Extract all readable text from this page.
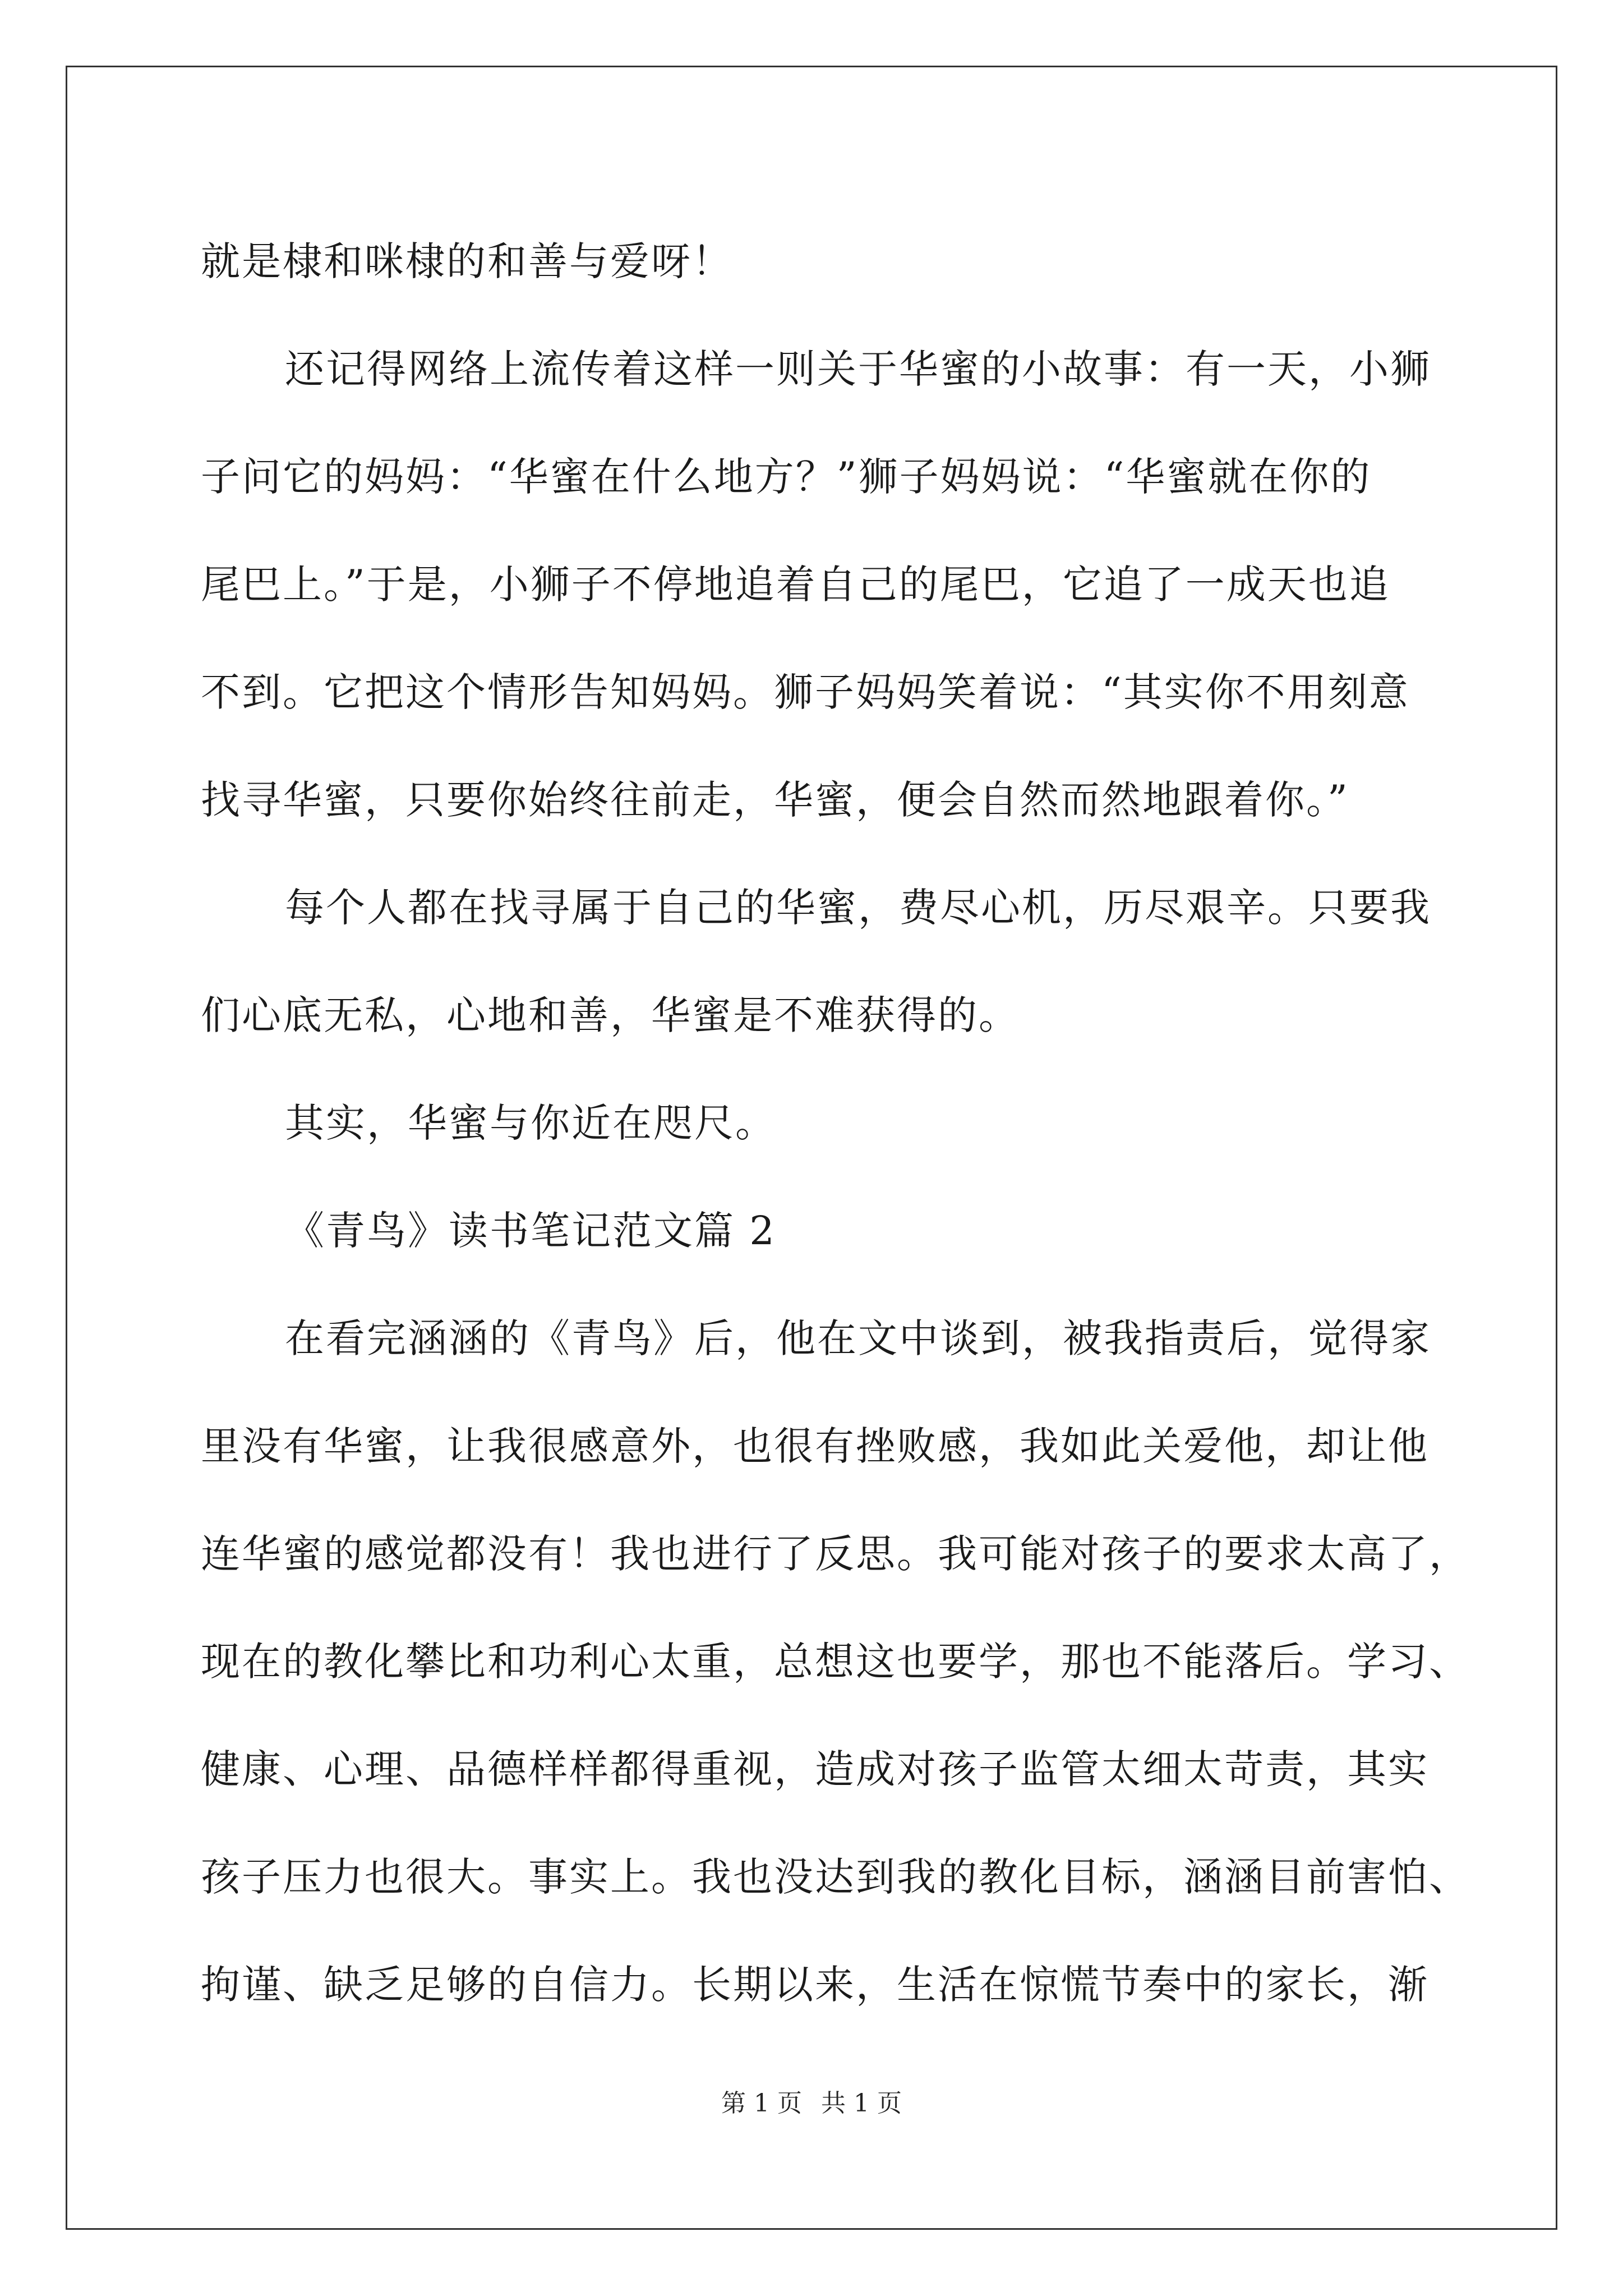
就是棣和咪棣的和善与爱呀！
还记得网络上流传着这样一则关于华蜜的小故事：有一天，小狮
子问它的妈妈：“华蜜在什么地方？”狮子妈妈说：“华蜜就在你的
尾巴上。”于是，小狮子不停地追着自己的尾巴，它追了一成天也追
不到。它把这个情形告知妈妈。狮子妈妈笑着说：“其实你不用刻意
找寻华蜜，只要你始终往前走，华蜜，便会自然而然地跟着你。”
每个人都在找寻属于自己的华蜜，费尽心机，历尽艰辛。只要我
们心底无私，心地和善，华蜜是不难获得的。
其实，华蜜与你近在咫尺。
《青鸟》读书笔记范文篇 2
在看完涵涵的《青鸟》后，他在文中谈到，被我指责后，觉得家
里没有华蜜，让我很感意外，也很有挫败感，我如此关爱他，却让他
连华蜜的感觉都没有！我也进行了反思。我可能对孩子的要求太高了，
现在的教化攀比和功利心太重，总想这也要学，那也不能落后。学习、
健康、心理、品德样样都得重视，造成对孩子监管太细太苛责，其实
孩子压力也很大。事实上。我也没达到我的教化目标，涵涵目前害怕、
拘谨、缺乏足够的自信力。长期以来，生活在惊慌节奏中的家长，渐
第 1 页 共 1 页
